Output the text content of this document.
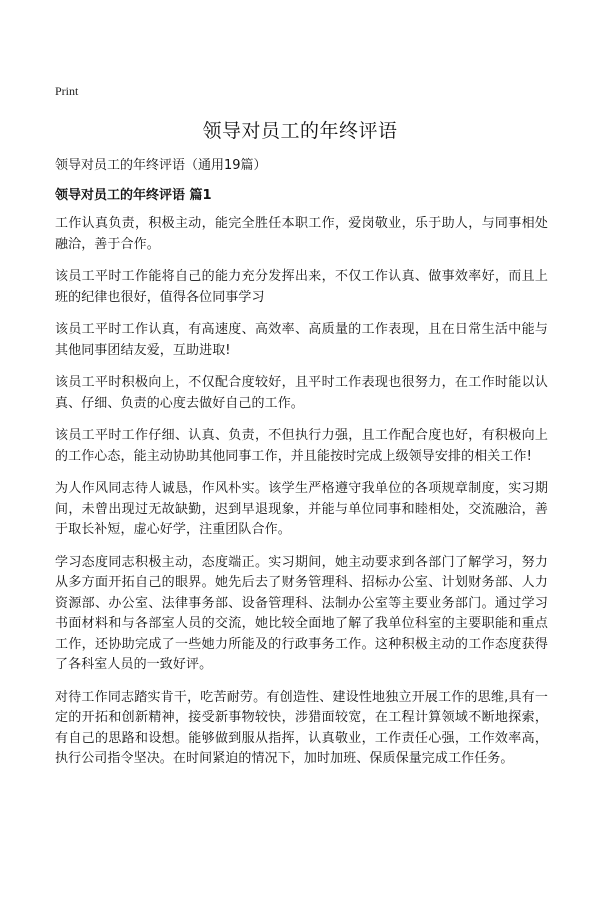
Print
领导对员工的年终评语
领导对员工的年终评语（通用19篇）
领导对员工的年终评语 篇1

工作认真负责，积极主动，能完全胜任本职工作，爱岗敬业，乐于助人，与同事相处融洽，善于合作。

该员工平时工作能将自己的能力充分发挥出来，不仅工作认真、做事效率好，而且上班的纪律也很好，值得各位同事学习

该员工平时工作认真，有高速度、高效率、高质量的工作表现，且在日常生活中能与其他同事团结友爱，互助进取!

该员工平时积极向上，不仅配合度较好，且平时工作表现也很努力，在工作时能以认真、仔细、负责的心度去做好自己的工作。

该员工平时工作仔细、认真、负责，不但执行力强，且工作配合度也好，有积极向上的工作心态，能主动协助其他同事工作，并且能按时完成上级领导安排的相关工作!

为人作风同志待人诚恳，作风朴实。该学生严格遵守我单位的各项规章制度，实习期间，未曾出现过无故缺勤，迟到早退现象，并能与单位同事和睦相处，交流融洽，善于取长补短，虚心好学，注重团队合作。

学习态度同志积极主动，态度端正。实习期间，她主动要求到各部门了解学习，努力从多方面开拓自己的眼界。她先后去了财务管理科、招标办公室、计划财务部、人力资源部、办公室、法律事务部、设备管理科、法制办公室等主要业务部门。通过学习书面材料和与各部室人员的交流，她比较全面地了解了我单位科室的主要职能和重点工作，还协助完成了一些她力所能及的行政事务工作。这种积极主动的工作态度获得了各科室人员的一致好评。

对待工作同志踏实肯干，吃苦耐劳。有创造性、建设性地独立开展工作的思维,具有一定的开拓和创新精神，接受新事物较快，涉猎面较宽，在工程计算领域不断地探索，有自己的思路和设想。能够做到服从指挥，认真敬业，工作责任心强，工作效率高，执行公司指令坚决。在时间紧迫的情况下，加时加班、保质保量完成工作任务。
